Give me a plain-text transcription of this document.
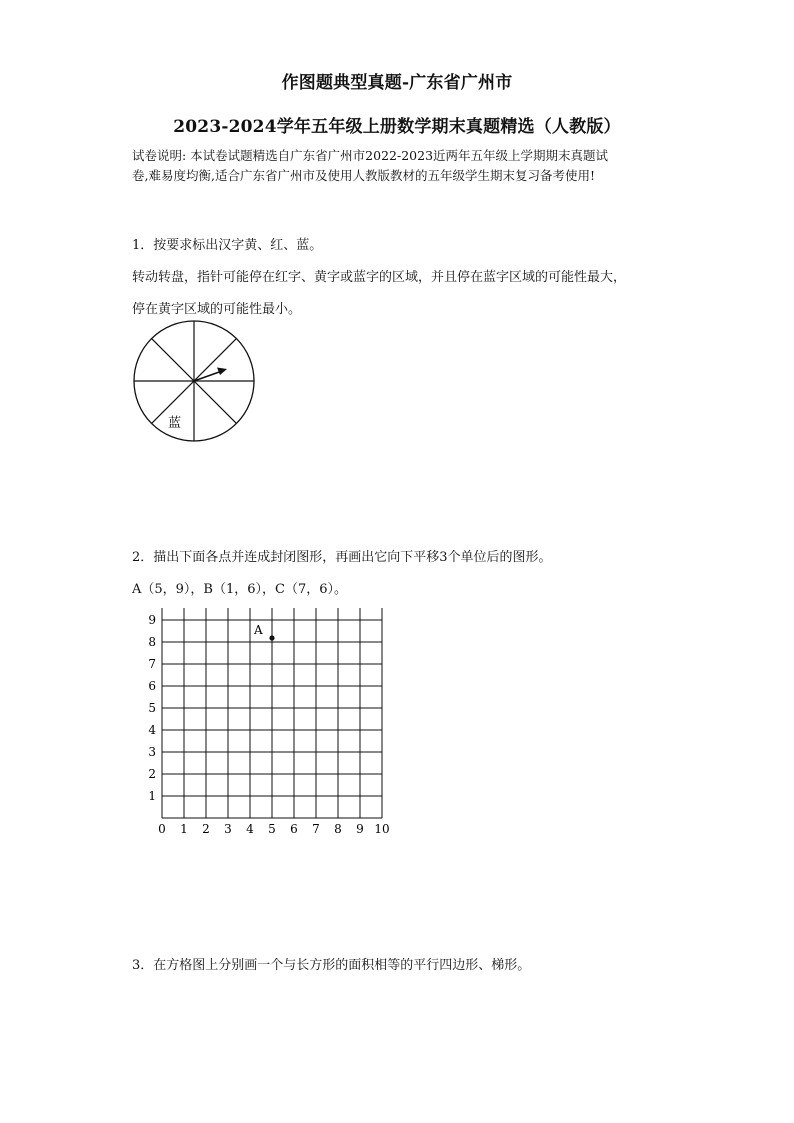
作图题典型真题-广东省广州市
2023-2024学年五年级上册数学期末真题精选（人教版）
试卷说明: 本试卷试题精选自广东省广州市2022-2023近两年五年级上学期期末真题试
卷,难易度均衡,适合广东省广州市及使用人教版教材的五年级学生期末复习备考使用!
1．按要求标出汉字黄、红、蓝。
转动转盘，指针可能停在红字、黄字或蓝字的区域，并且停在蓝字区域的可能性最大，
停在黄字区域的可能性最小。
蓝
2．描出下面各点并连成封闭图形，再画出它向下平移3个单位后的图形。
A（5，9），B（1，6），C（7，6）。
0 1 2 3 4 5 6 7 8 9 10
1
2
3
4
5
6
7
8
9
A
3．在方格图上分别画一个与长方形的面积相等的平行四边形、梯形。
